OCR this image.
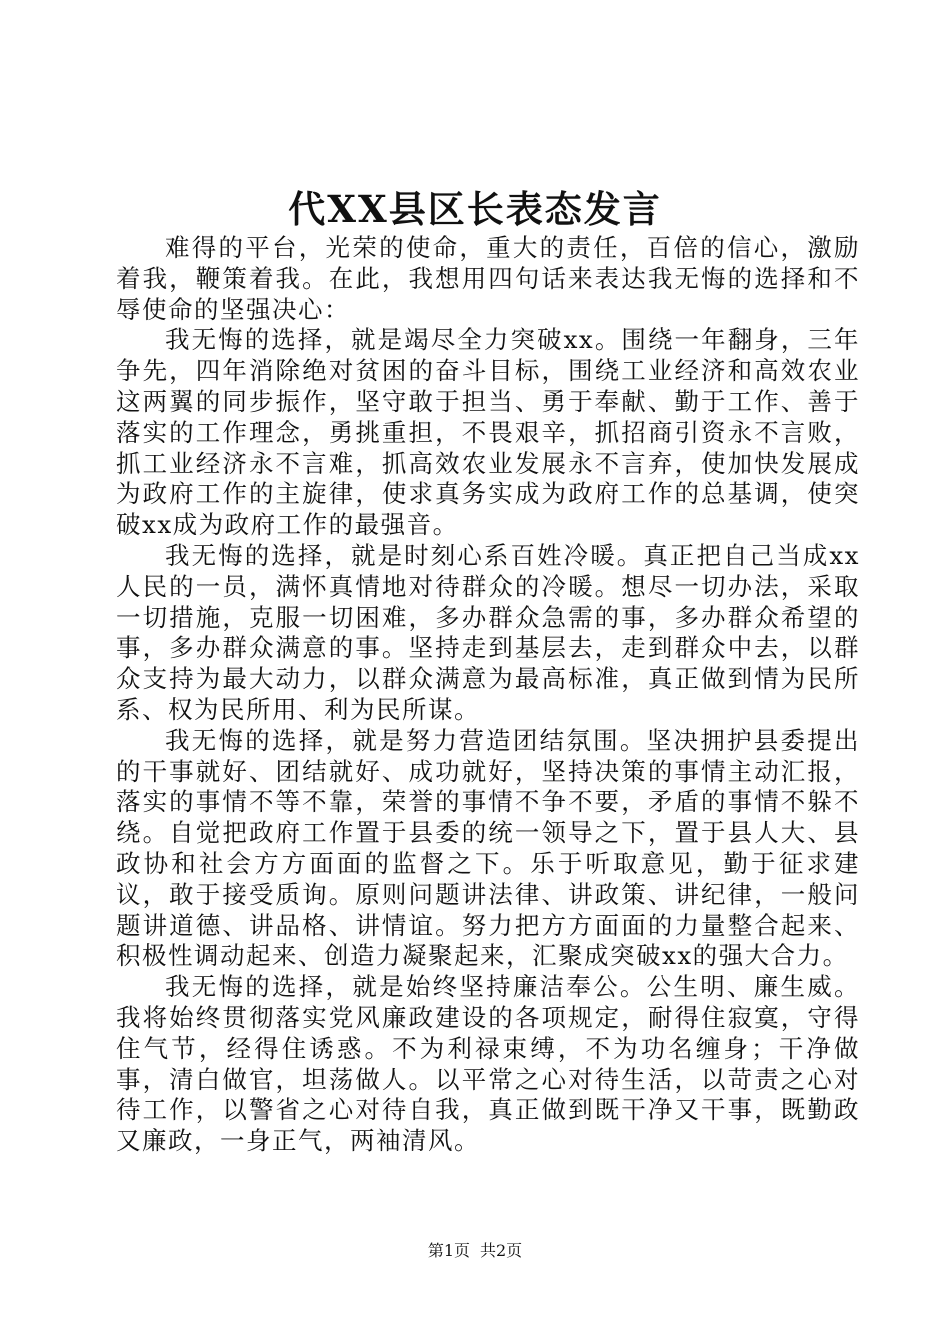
代XX县区长表态发言

难得的平台，光荣的使命，重大的责任，百倍的信心，激励着我，鞭策着我。在此，我想用四句话来表达我无悔的选择和不辱使命的坚强决心：

我无悔的选择，就是竭尽全力突破xx。围绕一年翻身，三年争先，四年消除绝对贫困的奋斗目标，围绕工业经济和高效农业这两翼的同步振作，坚守敢于担当、勇于奉献、勤于工作、善于落实的工作理念，勇挑重担，不畏艰辛，抓招商引资永不言败，抓工业经济永不言难，抓高效农业发展永不言弃，使加快发展成为政府工作的主旋律，使求真务实成为政府工作的总基调，使突破xx成为政府工作的最强音。

我无悔的选择，就是时刻心系百姓冷暖。真正把自己当成xx人民的一员，满怀真情地对待群众的冷暖。想尽一切办法，采取一切措施，克服一切困难，多办群众急需的事，多办群众希望的事，多办群众满意的事。坚持走到基层去，走到群众中去，以群众支持为最大动力，以群众满意为最高标准，真正做到情为民所系、权为民所用、利为民所谋。

我无悔的选择，就是努力营造团结氛围。坚决拥护县委提出的干事就好、团结就好、成功就好，坚持决策的事情主动汇报，落实的事情不等不靠，荣誉的事情不争不要，矛盾的事情不躲不绕。自觉把政府工作置于县委的统一领导之下，置于县人大、县政协和社会方方面面的监督之下。乐于听取意见，勤于征求建议，敢于接受质询。原则问题讲法律、讲政策、讲纪律，一般问题讲道德、讲品格、讲情谊。努力把方方面面的力量整合起来、积极性调动起来、创造力凝聚起来，汇聚成突破xx的强大合力。

我无悔的选择，就是始终坚持廉洁奉公。公生明、廉生威。我将始终贯彻落实党风廉政建设的各项规定，耐得住寂寞，守得住气节，经得住诱惑。不为利禄束缚，不为功名缠身；干净做事，清白做官，坦荡做人。以平常之心对待生活，以苛责之心对待工作，以警省之心对待自我，真正做到既干净又干事，既勤政又廉政，一身正气，两袖清风。

第1页 共2页
